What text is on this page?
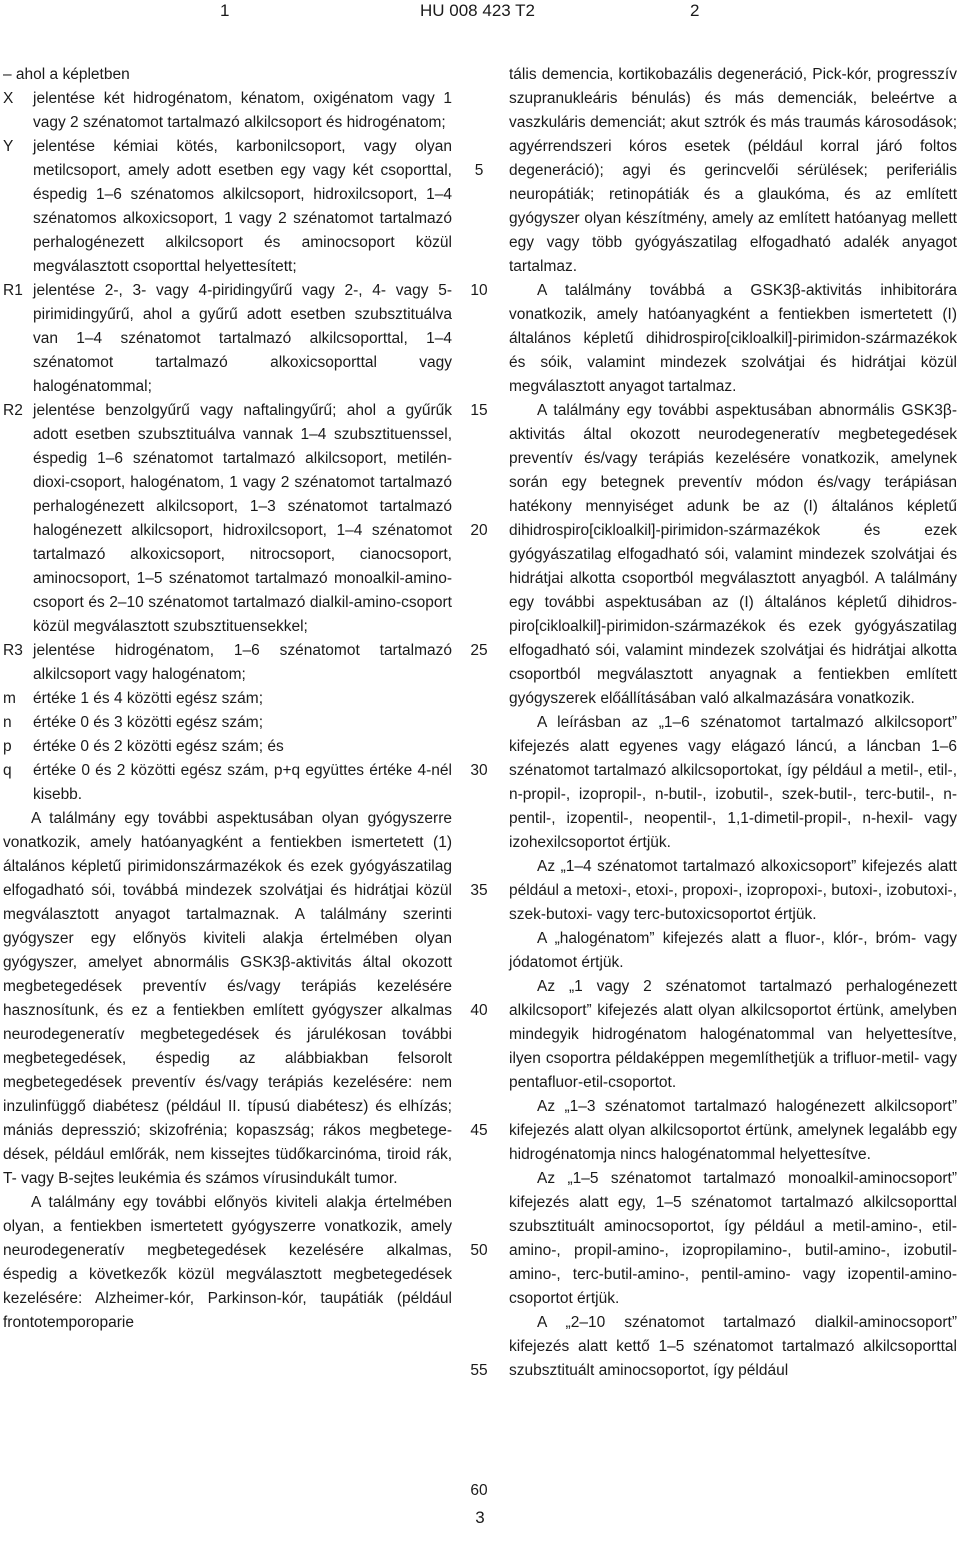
1	HU 008 423 T2	2

– ahol a képletben

X	jelentése két hidrogénatom, kénatom, oxigénatom vagy 1 vagy 2 szénatomot tartalmazó alkilcsoport és hidrogénatom;
Y	jelentése kémiai kötés, karbonilcsoport, vagy olyan metilcsoport, amely adott esetben egy vagy két csoporttal, éspedig 1–6 szénatomos alkilcsoport, hidroxilcsoport, 1–4 szénatomos alkoxicsoport, 1 vagy 2 szénatomot tartalmazó perhalogénezett alkilcsoport és aminocsoport közül megválasztott csoporttal helyettesített;
R1 jelentése 2-, 3- vagy 4-piridingyűrű vagy 2-, 4- vagy 5-pirimidingyűrű, ahol a gyűrű adott esetben szubsztituálva van 1–4 szénatomot tartalmazó alkilcsoporttal, 1–4 szénatomot tartalmazó alkoxicsoporttal vagy halogénatommal;
R2 jelentése benzolgyűrű vagy naftalingyűrű; ahol a gyűrűk adott esetben szubsztituálva vannak 1–4 szubsztituenssel, éspedig 1–6 szénatomot tartalmazó alkilcsoport, metilén-dioxi-csoport, halogénatom, 1 vagy 2 szénatomot tartalmazó perhalogénezett alkilcsoport, 1–3 szénatomot tartalmazó halogénezett alkilcsoport, hidroxilcsoport, 1–4 szénatomot tartalmazó alkoxicsoport, nitrocsoport, cianocsoport, aminocsoport, 1–5 szénatomot tartalmazó monoalkil-amino-csoport és 2–10 szénatomot tartalmazó dialkil-amino-csoport közül megválasztott szubsztituensekkel;
R3 jelentése hidrogénatom, 1–6 szénatomot tartalmazó alkilcsoport vagy halogénatom;
m	értéke 1 és 4 közötti egész szám;
n	értéke 0 és 3 közötti egész szám;
p	értéke 0 és 2 közötti egész szám; és
q	értéke 0 és 2 közötti egész szám, p+q együttes értéke 4-nél kisebb.

A találmány egy további aspektusában olyan gyógyszerre vonatkozik, amely hatóanyagként a fentiekben ismertetett (1) általános képletű pirimidonszármazékok és ezek gyógyászatilag elfogadható sói, továbbá mindezek szolvátjai és hidrátjai közül megválasztott anyagot tartalmaznak. A találmány szerinti gyógyszer egy előnyös kiviteli alakja értelmében olyan gyógyszer, amelyet abnormális GSK3β-aktivitás által okozott megbetegedések preventív és/vagy terápiás kezelésére hasznosítunk, és ez a fentiekben említett gyógyszer alkalmas neurodegeneratív megbetegedések és járulékosan további megbetegedések, éspedig az alábbiakban felsorolt megbetegedések preventív és/vagy terápiás kezelésére: nem inzulinfüggő diabétesz (például II. típusú diabétesz) és elhízás; mániás depresszió; skizofrénia; kopaszság; rákos megbetegedések, például emlőrák, nem kissejtes tüdőkarcinóma, tiroid rák, T- vagy B-sejtes leukémia és számos vírusindukált tumor.

A találmány egy további előnyös kiviteli alakja értelmében olyan, a fentiekben ismertetett gyógyszerre vonatkozik, amely neurodegeneratív megbetegedések kezelésére alkalmas, éspedig a következők közül megválasztott megbetegedések kezelésére: Alzheimer-kór, Parkinson-kór, taupátiák (például frontotemporoparie

5
10
15
20
25
30
35
40
45
50
55
60

tális demencia, kortikobazális degeneráció, Pick-kór, progresszív szupranukleáris bénulás) és más demenciák, beleértve a vaszkuláris demenciát; akut sztrók és más traumás károsodások; agyérrendszeri kóros esetek (például korral járó foltos degeneráció); agyi és gerincvelői sérülések; periferiális neuropátiák; retinopátiák és a glaukóma, és az említett gyógyszer olyan készítmény, amely az említett hatóanyag mellett egy vagy több gyógyászatilag elfogadható adalék anyagot tartalmaz.

A találmány továbbá a GSK3β-aktivitás inhibitorára vonatkozik, amely hatóanyagként a fentiekben ismertetett (I) általános képletű dihidrospiro[cikloalkil]-pirimidon-származékok és sóik, valamint mindezek szolvátjai és hidrátjai közül megválasztott anyagot tartalmaz.

A találmány egy további aspektusában abnormális GSK3β-aktivitás által okozott neurodegeneratív megbetegedések preventív és/vagy terápiás kezelésére vonatkozik, amelynek során egy betegnek preventív módon és/vagy terápiásan hatékony mennyiséget adunk be az (I) általános képletű dihidrospiro[cikloalkil]-pirimidon-származékok és ezek gyógyászatilag elfogadható sói, valamint mindezek szolvátjai és hidrátjai alkotta csoportból megválasztott anyagból. A találmány egy további aspektusában az (I) általános képletű dihidrospiro[cikloalkil]-pirimidon-származékok és ezek gyógyászatilag elfogadható sói, valamint mindezek szolvátjai és hidrátjai alkotta csoportból megválasztott anyagnak a fentiekben említett gyógyszerek előállításában való alkalmazására vonatkozik.

A leírásban az „1–6 szénatomot tartalmazó alkilcsoport” kifejezés alatt egyenes vagy elágazó láncú, a láncban 1–6 szénatomot tartalmazó alkilcsoportokat, így például a metil-, etil-, n-propil-, izopropil-, n-butil-, izobutil-, szek-butil-, terc-butil-, n-pentil-, izopentil-, neopentil-, 1,1-dimetil-propil-, n-hexil- vagy izohexilcsoportot értjük.

Az „1–4 szénatomot tartalmazó alkoxicsoport” kifejezés alatt például a metoxi-, etoxi-, propoxi-, izopropoxi-, butoxi-, izobutoxi-, szek-butoxi- vagy terc-butoxicsoportot értjük.

A „halogénatom” kifejezés alatt a fluor-, klór-, bróm- vagy jódatomot értjük.

Az „1 vagy 2 szénatomot tartalmazó perhalogénezett alkilcsoport” kifejezés alatt olyan alkilcsoportot értünk, amelyben mindegyik hidrogénatom halogénatommal van helyettesítve, ilyen csoportra példaképpen megemlíthetjük a trifluor-metil- vagy pentafluor-etil-csoportot.

Az „1–3 szénatomot tartalmazó halogénezett alkilcsoport” kifejezés alatt olyan alkilcsoportot értünk, amelynek legalább egy hidrogénatomja nincs halogénatommal helyettesítve.

Az „1–5 szénatomot tartalmazó monoalkil-aminocsoport” kifejezés alatt egy, 1–5 szénatomot tartalmazó alkilcsoporttal szubsztituált aminocsoportot, így például a metil-amino-, etil-amino-, propil-amino-, izopropilamino-, butil-amino-, izobutil-amino-, terc-butil-amino-, pentil-amino- vagy izopentil-amino-csoportot értjük.

A „2–10 szénatomot tartalmazó dialkil-aminocsoport” kifejezés alatt kettő 1–5 szénatomot tartalmazó alkilcsoporttal szubsztituált aminocsoportot, így például

3
